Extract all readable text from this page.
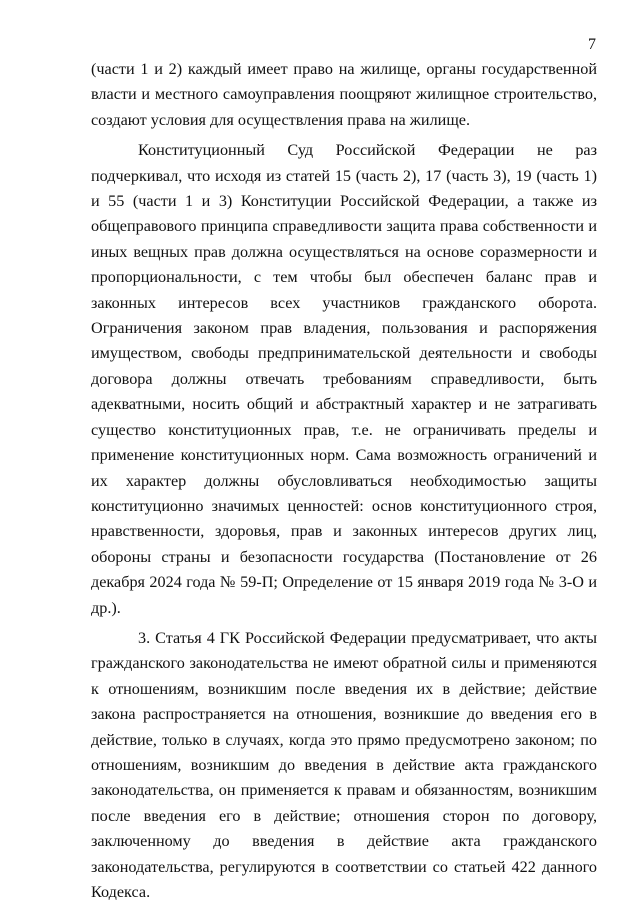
7

(части 1 и 2) каждый имеет право на жилище, органы государственной власти и местного самоуправления поощряют жилищное строительство, создают условия для осуществления права на жилище.

Конституционный Суд Российской Федерации не раз подчеркивал, что исходя из статей 15 (часть 2), 17 (часть 3), 19 (часть 1) и 55 (части 1 и 3) Конституции Российской Федерации, а также из общеправового принципа справедливости защита права собственности и иных вещных прав должна осуществляться на основе соразмерности и пропорциональности, с тем чтобы был обеспечен баланс прав и законных интересов всех участников гражданского оборота. Ограничения законом прав владения, пользования и распоряжения имуществом, свободы предпринимательской деятельности и свободы договора должны отвечать требованиям справедливости, быть адекватными, носить общий и абстрактный характер и не затрагивать существо конституционных прав, т.е. не ограничивать пределы и применение конституционных норм. Сама возможность ограничений и их характер должны обусловливаться необходимостью защиты конституционно значимых ценностей: основ конституционного строя, нравственности, здоровья, прав и законных интересов других лиц, обороны страны и безопасности государства (Постановление от 26 декабря 2024 года № 59-П; Определение от 15 января 2019 года № 3-О и др.).

3. Статья 4 ГК Российской Федерации предусматривает, что акты гражданского законодательства не имеют обратной силы и применяются к отношениям, возникшим после введения их в действие; действие закона распространяется на отношения, возникшие до введения его в действие, только в случаях, когда это прямо предусмотрено законом; по отношениям, возникшим до введения в действие акта гражданского законодательства, он применяется к правам и обязанностям, возникшим после введения его в действие; отношения сторон по договору, заключенному до введения в действие акта гражданского законодательства, регулируются в соответствии со статьей 422 данного Кодекса.
